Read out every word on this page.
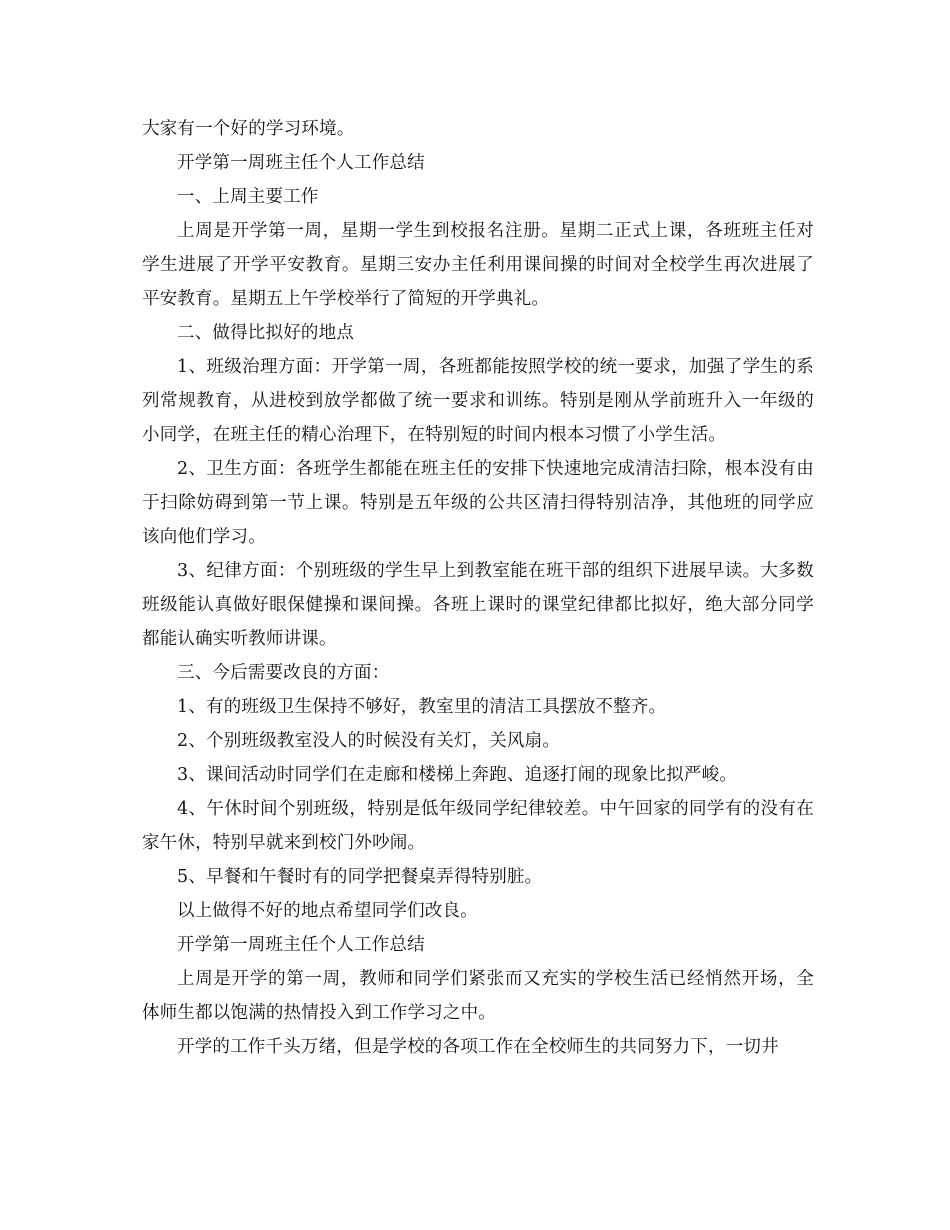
大家有一个好的学习环境。

开学第一周班主任个人工作总结

一、上周主要工作

上周是开学第一周，星期一学生到校报名注册。星期二正式上课，各班班主任对学生进展了开学平安教育。星期三安办主任利用课间操的时间对全校学生再次进展了平安教育。星期五上午学校举行了简短的开学典礼。

二、做得比拟好的地点

1、班级治理方面：开学第一周，各班都能按照学校的统一要求，加强了学生的系列常规教育，从进校到放学都做了统一要求和训练。特别是刚从学前班升入一年级的小同学，在班主任的精心治理下，在特别短的时间内根本习惯了小学生活。

2、卫生方面：各班学生都能在班主任的安排下快速地完成清洁扫除，根本没有由于扫除妨碍到第一节上课。特别是五年级的公共区清扫得特别洁净，其他班的同学应该向他们学习。

3、纪律方面：个别班级的学生早上到教室能在班干部的组织下进展早读。大多数班级能认真做好眼保健操和课间操。各班上课时的课堂纪律都比拟好，绝大部分同学都能认确实听教师讲课。

三、今后需要改良的方面：

1、有的班级卫生保持不够好，教室里的清洁工具摆放不整齐。

2、个别班级教室没人的时候没有关灯，关风扇。

3、课间活动时同学们在走廊和楼梯上奔跑、追逐打闹的现象比拟严峻。

4、午休时间个别班级，特别是低年级同学纪律较差。中午回家的同学有的没有在家午休，特别早就来到校门外吵闹。

5、早餐和午餐时有的同学把餐桌弄得特别脏。

以上做得不好的地点希望同学们改良。

开学第一周班主任个人工作总结

上周是开学的第一周，教师和同学们紧张而又充实的学校生活已经悄然开场，全体师生都以饱满的热情投入到工作学习之中。

开学的工作千头万绪，但是学校的各项工作在全校师生的共同努力下，一切井
